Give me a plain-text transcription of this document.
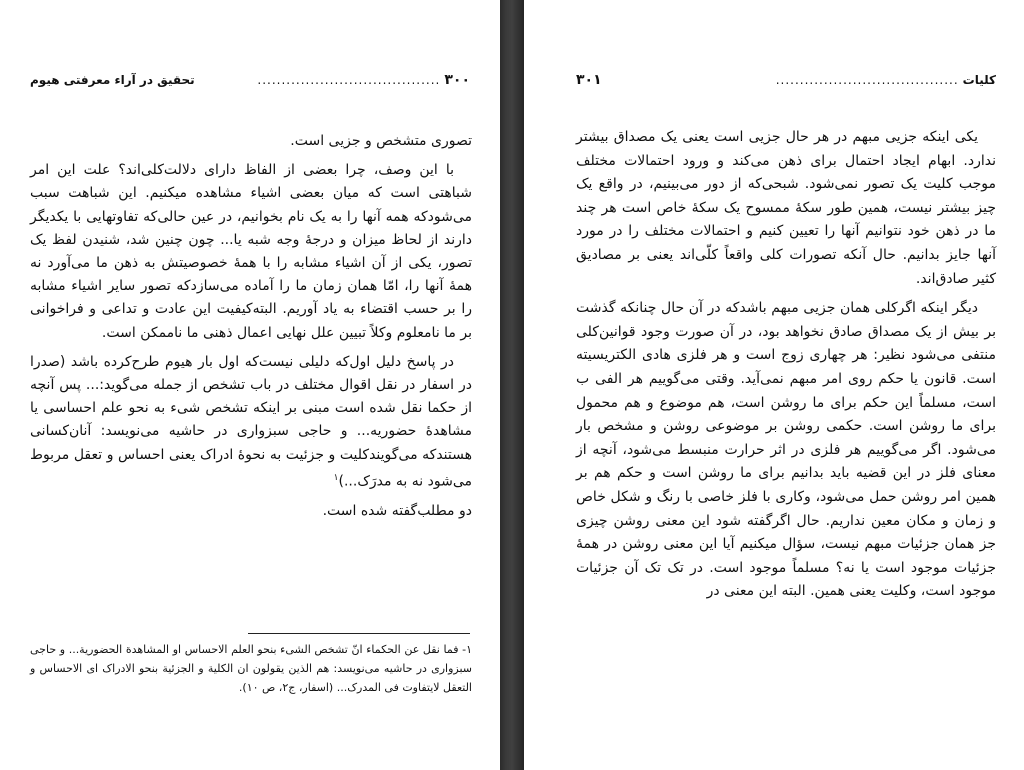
۳۰۰
......................................
تحقیق در آراء معرفتی هیوم

تصوری متشخص و جزیی است.

با این وصف، چرا بعضی از الفاظ دارای دلالت‌کلی‌اند؟ علت این امر شباهتی است که میان بعضی اشیاء مشاهده میکنیم. این شباهت سبب می‌شودکه همه آنها را به یک نام بخوانیم، در عین حالی‌که تفاوتهایی با یکدیگر دارند از لحاظ میزان و درجهٔ وجه شبه یا... چون چنین شد، شنیدن لفظ یک تصور، یکی از آن اشیاء مشابه را با همهٔ خصوصیتش به ذهن ما می‌آورد نه همهٔ آنها را، امّا همان زمان ما را آماده می‌سازدکه تصور سایر اشیاء مشابه را بر حسب اقتضاء به یاد آوریم. البته‌کیفیت این عادت و تداعی و فراخوانی بر ما نامعلوم وکلاً تبیین علل نهایی اعمال ذهنی ما ناممکن است.

در پاسخ دلیل اول‌که دلیلی نیست‌که اول بار هیوم طرح‌کرده باشد (صدرا در اسفار در نقل اقوال مختلف در باب تشخص از جمله می‌گوید:... پس آنچه از حکما نقل شده است مبنی بر اینکه تشخص شیء به نحو علم احساسی یا مشاهدهٔ حضوریه... و حاجی سبزواری در حاشیه می‌نویسد: آنان‌کسانی هستندکه می‌گویندکلیت و جزئیت به نحوهٔ ادراک یعنی احساس و تعقل مربوط می‌شود نه به مدرَک...)$^۱$

دو مطلب‌گفته شده است.

۱- فما نقل عن الحکماء انّ تشخص الشیء بنحو العلم الاحساس او المشاهدة الحضوریة... و حاجی سبزواری در حاشیه می‌نویسد: هم الذین یقولون ان الکلیة و الجزئیة بنحو الادراک ای الاحساس و التعقل لایتفاوت فی المدرک... (اسفار، ج۲، ص ۱۰).

کلیات
......................................
۳۰۱

یکی اینکه جزیی مبهم در هر حال جزیی است یعنی یک مصداق بیشتر ندارد. ابهام ایجاد احتمال برای ذهن می‌کند و ورود احتمالات مختلف موجب کلیت یک تصور نمی‌شود. شبحی‌که از دور می‌بینیم، در واقع یک چیز بیشتر نیست، همین طور سکهٔ ممسوح یک سکهٔ خاص است هر چند ما در ذهن خود نتوانیم آنها را تعیین کنیم و احتمالات مختلف را در مورد آنها جایز بدانیم. حال آنکه تصورات کلی واقعاً کلّی‌اند یعنی بر مصادیق کثیر صادق‌اند.

دیگر اینکه اگرکلی همان جزیی مبهم باشدکه در آن حال چنانکه گذشت بر بیش از یک مصداق صادق نخواهد بود، در آن صورت وجود قوانین‌کلی منتفی می‌شود نظیر: هر چهاری زوج است و هر فلزی هادی الکتریسیته است. قانون یا حکم روی امر مبهم نمی‌آید. وقتی می‌گوییم هر الفی ب است، مسلماً این حکم برای ما روشن است، هم موضوع و هم محمول برای ما روشن است. حکمی روشن بر موضوعی روشن و مشخص بار می‌شود. اگر می‌گوییم هر فلزی در اثر حرارت منبسط می‌شود، آنچه از معنای فلز در این قضیه باید بدانیم برای ما روشن است و حکم هم بر همین امر روشن حمل می‌شود، وکاری با فلز خاصی با رنگ و شکل خاص و زمان و مکان معین نداریم. حال اگرگفته شود این معنی روشن چیزی جز همان جزئیات مبهم نیست، سؤال میکنیم آیا این معنی روشن در همهٔ جزئیات موجود است یا نه؟ مسلماً موجود است. در تک تک آن جزئیات موجود است، وکلیت یعنی همین. البته این معنی در
